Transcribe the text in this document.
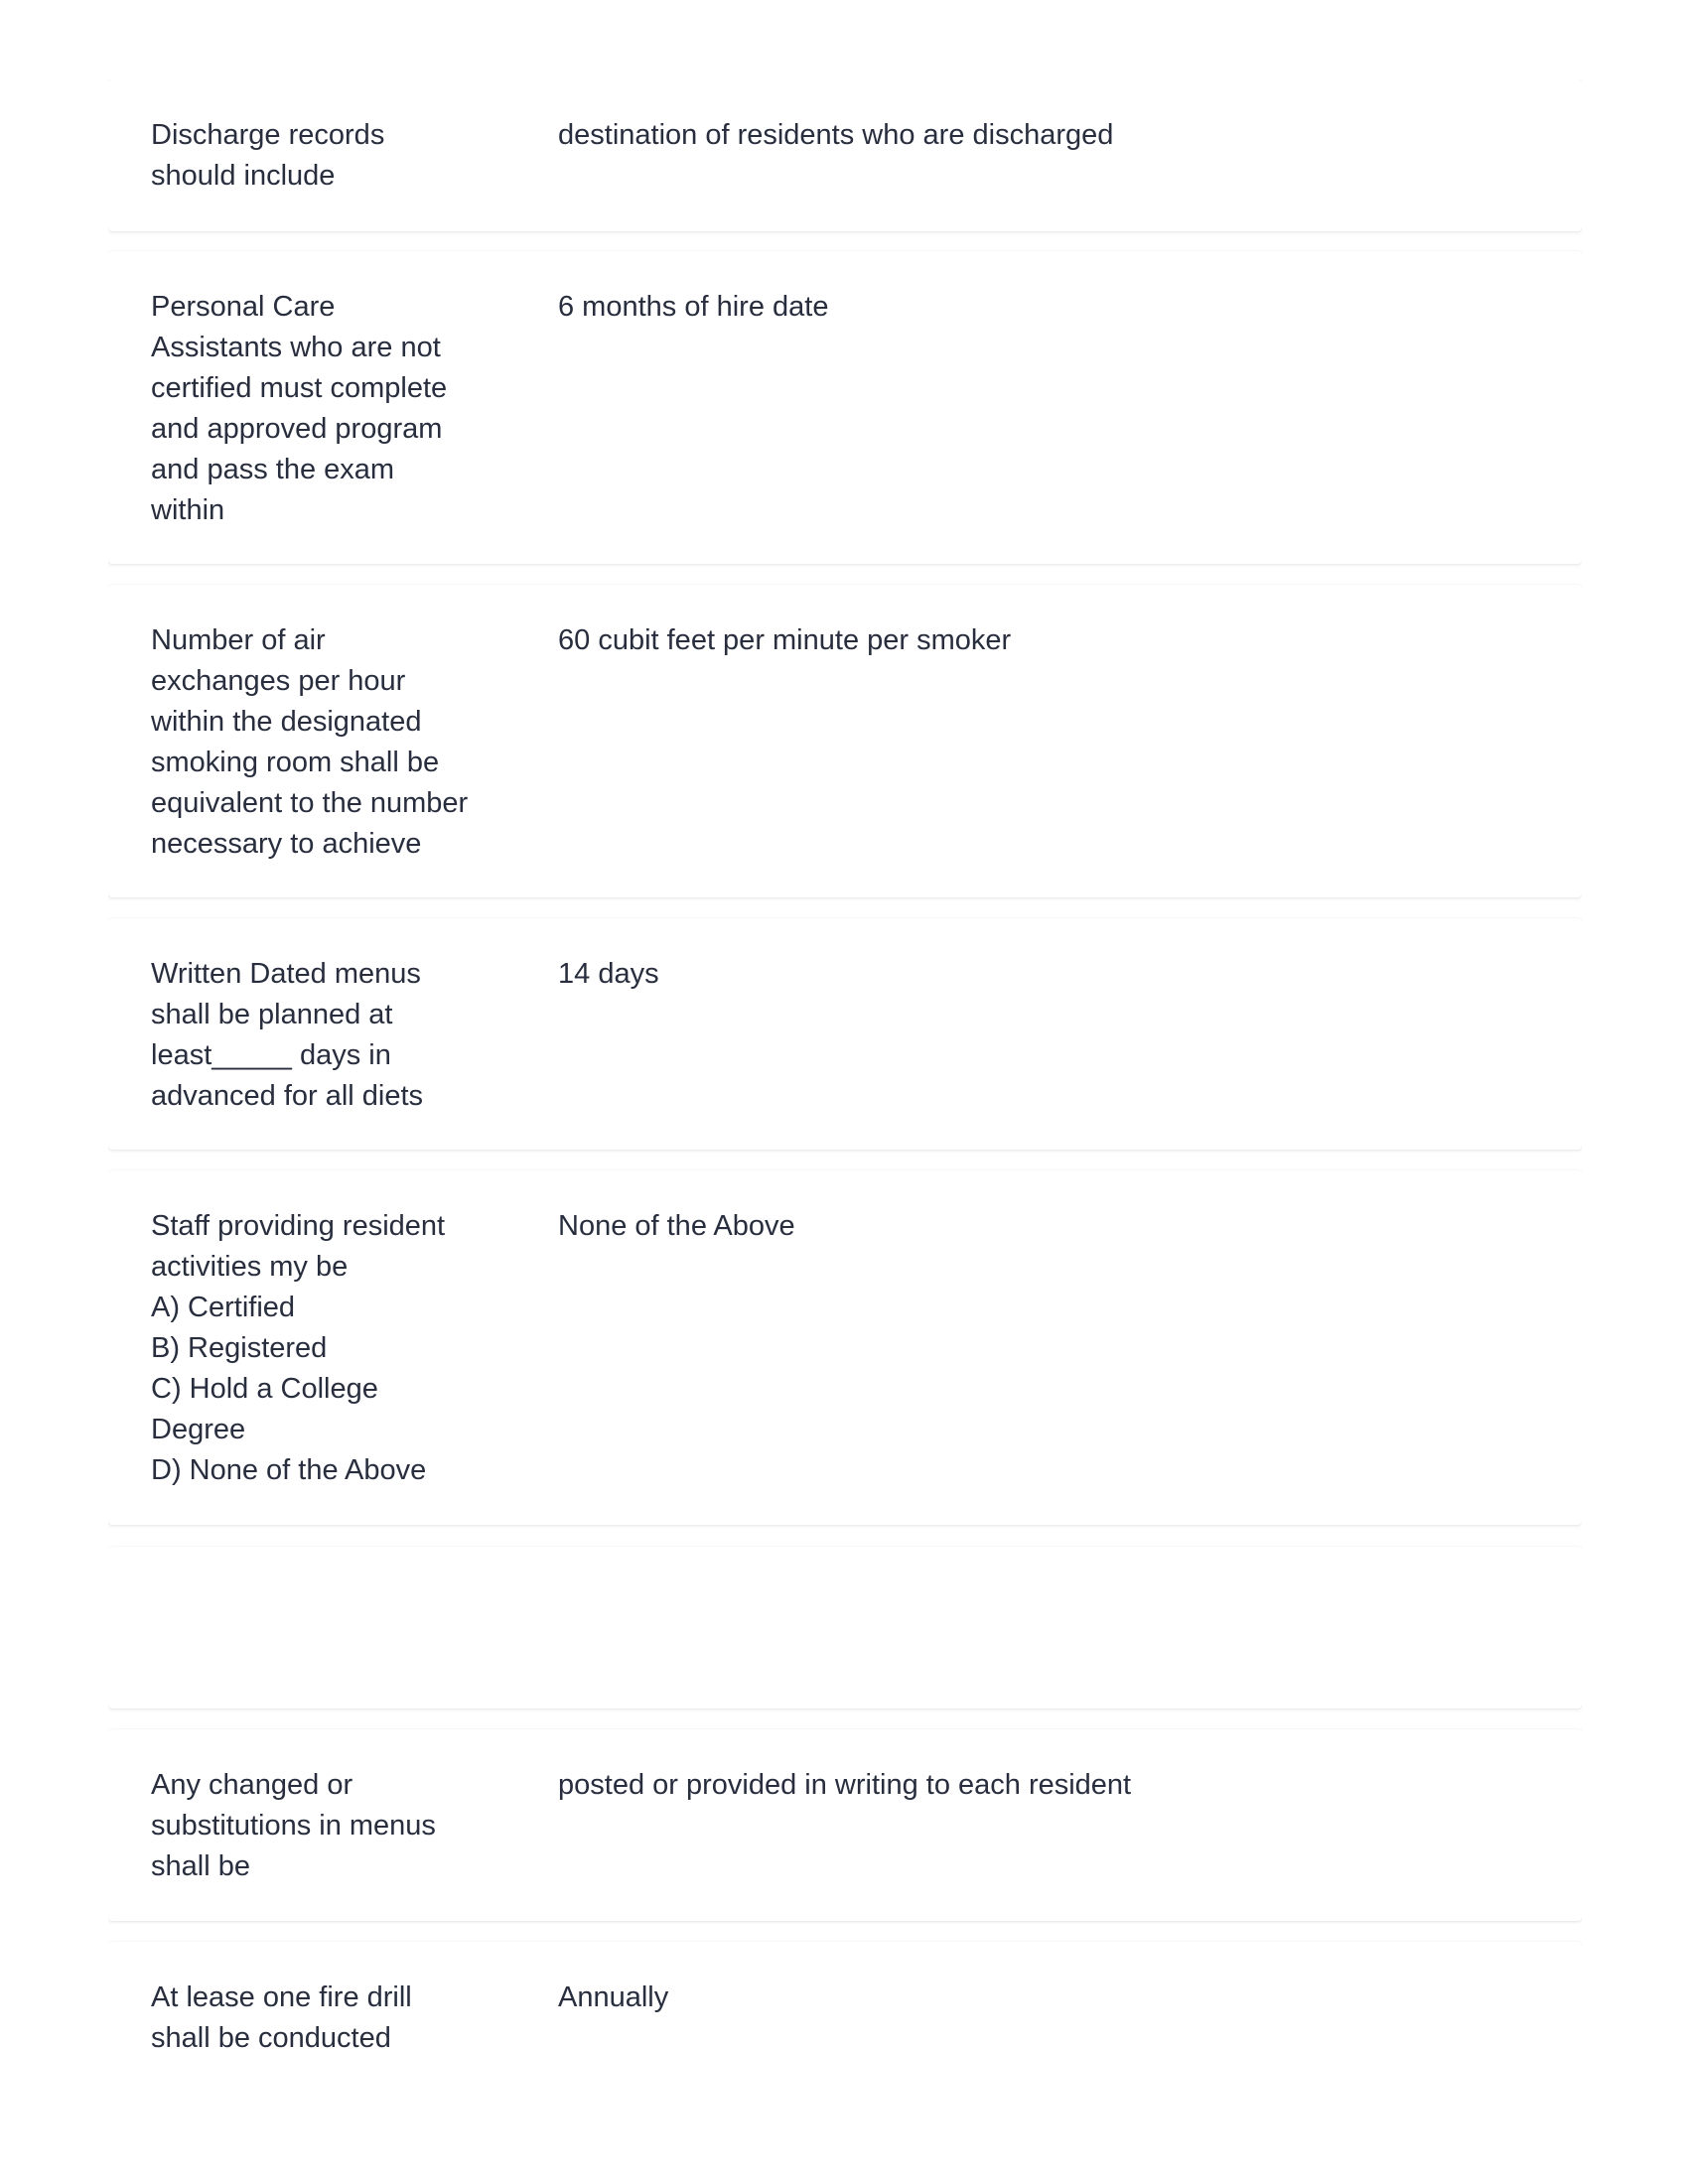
Discharge records
should include

destination of residents who are discharged

Personal Care
Assistants who are not
certified must complete
and approved program
and pass the exam
within

6 months of hire date

Number of air
exchanges per hour
within the designated
smoking room shall be
equivalent to the number
necessary to achieve

60 cubit feet per minute per smoker

Written Dated menus
shall be planned at
least_____ days in
advanced for all diets

14 days

Staff providing resident
activities my be
A) Certified
B) Registered
C) Hold a College
Degree
D) None of the Above

None of the Above

Any changed or
substitutions in menus
shall be

posted or provided in writing to each resident

At lease one fire drill
shall be conducted

Annually
